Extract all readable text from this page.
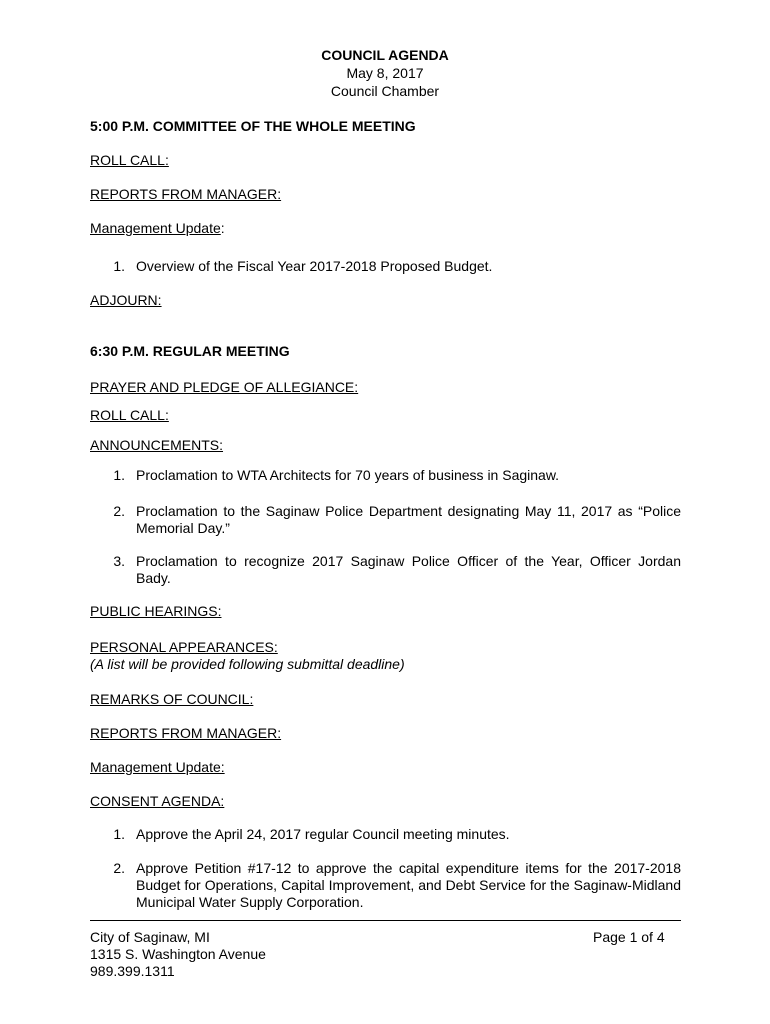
COUNCIL AGENDA
May 8, 2017
Council Chamber
5:00 P.M. COMMITTEE OF THE WHOLE MEETING
ROLL CALL:
REPORTS FROM MANAGER:
Management Update:
1. Overview of the Fiscal Year 2017-2018 Proposed Budget.
ADJOURN:
6:30 P.M. REGULAR MEETING
PRAYER AND PLEDGE OF ALLEGIANCE:
ROLL CALL:
ANNOUNCEMENTS:
1. Proclamation to WTA Architects for 70 years of business in Saginaw.
2. Proclamation to the Saginaw Police Department designating May 11, 2017 as “Police Memorial Day.”
3. Proclamation to recognize 2017 Saginaw Police Officer of the Year, Officer Jordan Bady.
PUBLIC HEARINGS:
PERSONAL APPEARANCES:
(A list will be provided following submittal deadline)
REMARKS OF COUNCIL:
REPORTS FROM MANAGER:
Management Update:
CONSENT AGENDA:
1. Approve the April 24, 2017 regular Council meeting minutes.
2. Approve Petition #17-12 to approve the capital expenditure items for the 2017-2018 Budget for Operations, Capital Improvement, and Debt Service for the Saginaw-Midland Municipal Water Supply Corporation.
City of Saginaw, MI
1315 S. Washington Avenue
989.399.1311
Page 1 of 4
